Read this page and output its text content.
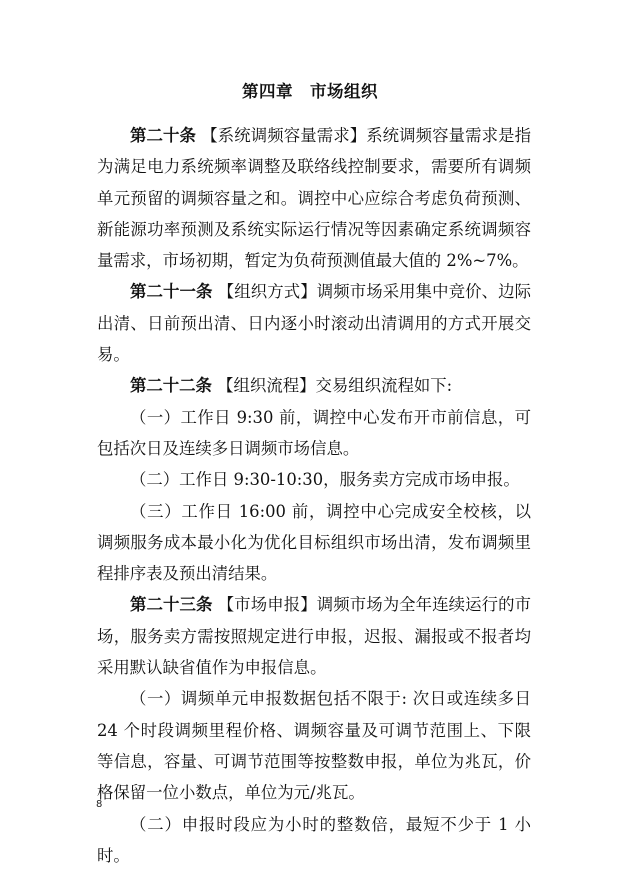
第四章　市场组织

第二十条 【系统调频容量需求】系统调频容量需求是指为满足电力系统频率调整及联络线控制要求，需要所有调频单元预留的调频容量之和。调控中心应综合考虑负荷预测、新能源功率预测及系统实际运行情况等因素确定系统调频容量需求，市场初期，暂定为负荷预测值最大值的 2%~7%。

第二十一条 【组织方式】调频市场采用集中竞价、边际出清、日前预出清、日内逐小时滚动出清调用的方式开展交易。

第二十二条 【组织流程】交易组织流程如下:

（一）工作日 9:30 前，调控中心发布开市前信息，可包括次日及连续多日调频市场信息。

（二）工作日 9:30-10:30，服务卖方完成市场申报。

（三）工作日 16:00 前，调控中心完成安全校核，以调频服务成本最小化为优化目标组织市场出清，发布调频里程排序表及预出清结果。

第二十三条 【市场申报】调频市场为全年连续运行的市场，服务卖方需按照规定进行申报，迟报、漏报或不报者均采用默认缺省值作为申报信息。

（一）调频单元申报数据包括不限于: 次日或连续多日 24 个时段调频里程价格、调频容量及可调节范围上、下限等信息，容量、可调节范围等按整数申报，单位为兆瓦，价格保留一位小数点，单位为元/兆瓦。

（二）申报时段应为小时的整数倍，最短不少于 1 小时。

8
